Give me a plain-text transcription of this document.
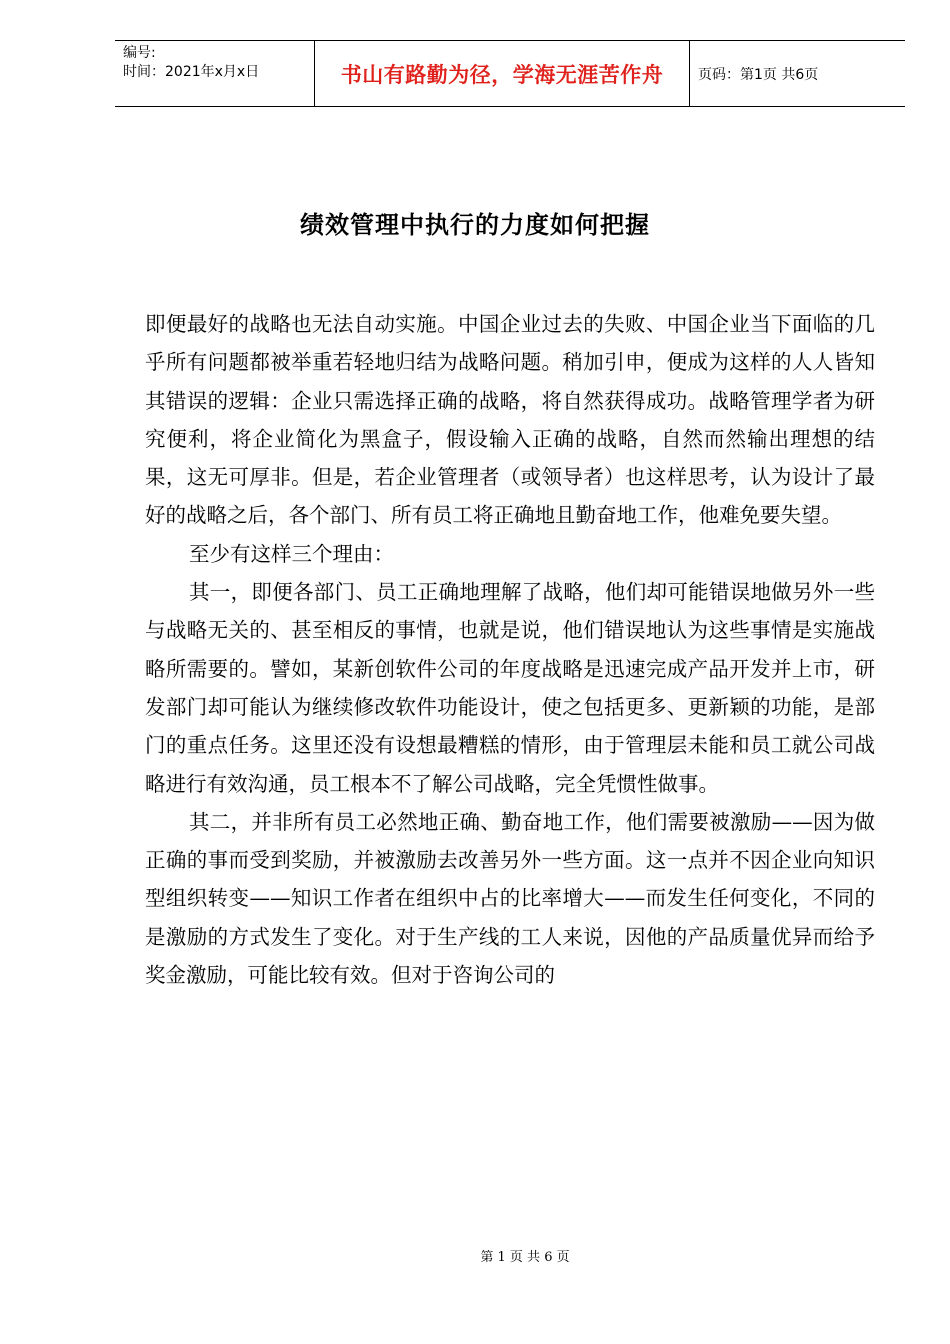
编号:
时间：2021年x月x日	书山有路勤为径，学海无涯苦作舟	页码：第1页 共6页
绩效管理中执行的力度如何把握

即便最好的战略也无法自动实施。中国企业过去的失败、中国企业当下面临的几乎所有问题都被举重若轻地归结为战略问题。稍加引申，便成为这样的人人皆知其错误的逻辑：企业只需选择正确的战略，将自然获得成功。战略管理学者为研究便利，将企业简化为黑盒子，假设输入正确的战略，自然而然输出理想的结果，这无可厚非。但是，若企业管理者（或领导者）也这样思考，认为设计了最好的战略之后，各个部门、所有员工将正确地且勤奋地工作，他难免要失望。

至少有这样三个理由：

其一，即便各部门、员工正确地理解了战略，他们却可能错误地做另外一些与战略无关的、甚至相反的事情，也就是说，他们错误地认为这些事情是实施战略所需要的。譬如，某新创软件公司的年度战略是迅速完成产品开发并上市，研发部门却可能认为继续修改软件功能设计，使之包括更多、更新颖的功能，是部门的重点任务。这里还没有设想最糟糕的情形，由于管理层未能和员工就公司战略进行有效沟通，员工根本不了解公司战略，完全凭惯性做事。

其二，并非所有员工必然地正确、勤奋地工作，他们需要被激励——因为做正确的事而受到奖励，并被激励去改善另外一些方面。这一点并不因企业向知识型组织转变——知识工作者在组织中占的比率增大——而发生任何变化，不同的是激励的方式发生了变化。对于生产线的工人来说，因他的产品质量优异而给予奖金激励，可能比较有效。但对于咨询公司的

第 1 页 共 6 页
